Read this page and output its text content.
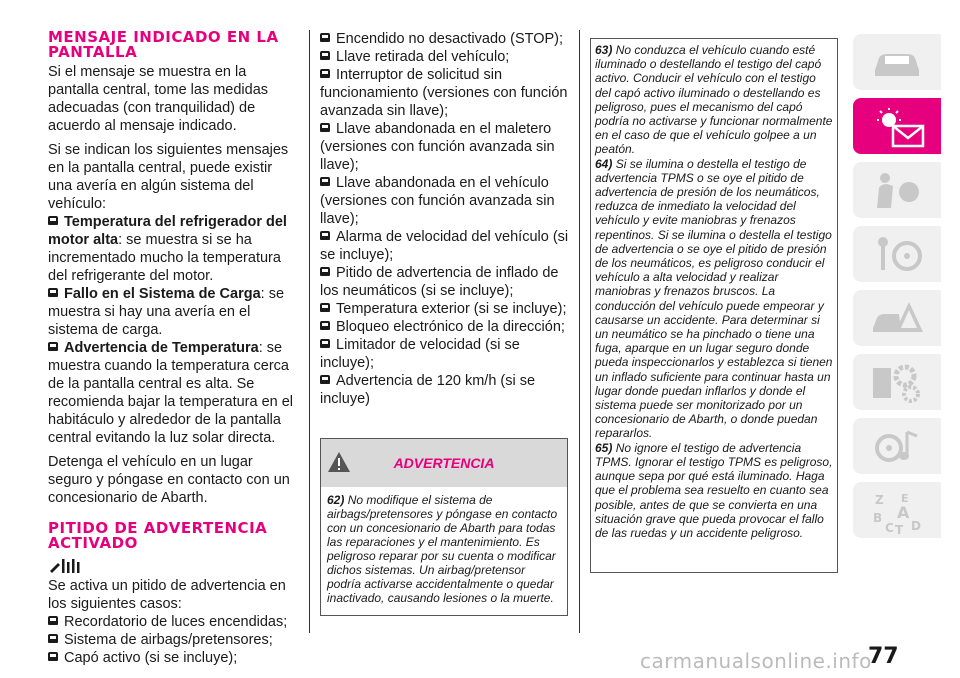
MENSAJE INDICADO EN LA PANTALLA

Si el mensaje se muestra en la pantalla central, tome las medidas adecuadas (con tranquilidad) de acuerdo al mensaje indicado.

Si se indican los siguientes mensajes en la pantalla central, puede existir una avería en algún sistema del vehículo:

Temperatura del refrigerador del motor alta: se muestra si se ha incrementado mucho la temperatura del refrigerante del motor.

Fallo en el Sistema de Carga: se muestra si hay una avería en el sistema de carga.

Advertencia de Temperatura: se muestra cuando la temperatura cerca de la pantalla central es alta. Se recomienda bajar la temperatura en el habitáculo y alrededor de la pantalla central evitando la luz solar directa.

Detenga el vehículo en un lugar seguro y póngase en contacto con un concesionario de Abarth.

PITIDO DE ADVERTENCIA ACTIVADO

Se activa un pitido de advertencia en los siguientes casos:

Recordatorio de luces encendidas;

Sistema de airbags/pretensores;

Capó activo (si se incluye);

Encendido no desactivado (STOP);

Llave retirada del vehículo;

Interruptor de solicitud sin funcionamiento (versiones con función avanzada sin llave);

Llave abandonada en el maletero (versiones con función avanzada sin llave);

Llave abandonada en el vehículo (versiones con función avanzada sin llave);

Alarma de velocidad del vehículo (si se incluye);

Pitido de advertencia de inflado de los neumáticos (si se incluye);

Temperatura exterior (si se incluye);

Bloqueo electrónico de la dirección;

Limitador de velocidad (si se incluye);

Advertencia de 120 km/h (si se incluye)

ADVERTENCIA
62) No modifique el sistema de airbags/pretensores y póngase en contacto con un concesionario de Abarth para todas las reparaciones y el mantenimiento. Es peligroso reparar por su cuenta o modificar dichos sistemas. Un airbag/pretensor podría activarse accidentalmente o quedar inactivado, causando lesiones o la muerte.

63) No conduzca el vehículo cuando esté iluminado o destellando el testigo del capó activo. Conducir el vehículo con el testigo del capó activo iluminado o destellando es peligroso, pues el mecanismo del capó podría no activarse y funcionar normalmente en el caso de que el vehículo golpee a un peatón.

64) Si se ilumina o destella el testigo de advertencia TPMS o se oye el pitido de advertencia de presión de los neumáticos, reduzca de inmediato la velocidad del vehículo y evite maniobras y frenazos repentinos. Si se ilumina o destella el testigo de advertencia o se oye el pitido de presión de los neumáticos, es peligroso conducir el vehículo a alta velocidad y realizar maniobras y frenazos bruscos. La conducción del vehículo puede empeorar y causarse un accidente. Para determinar si un neumático se ha pinchado o tiene una fuga, aparque en un lugar seguro donde pueda inspeccionarlos y establezca si tienen un inflado suficiente para continuar hasta un lugar donde puedan inflarlos y donde el sistema puede ser monitorizado por un concesionario de Abarth, o donde puedan repararlos.

65) No ignore el testigo de advertencia TPMS. Ignorar el testigo TPMS es peligroso, aunque sepa por qué está iluminado. Haga que el problema sea resuelto en cuanto sea posible, antes de que se convierta en una situación grave que pueda provocar el fallo de las ruedas y un accidente peligroso.

Z E
A
B
C T D
77
carmanualsonline.info
